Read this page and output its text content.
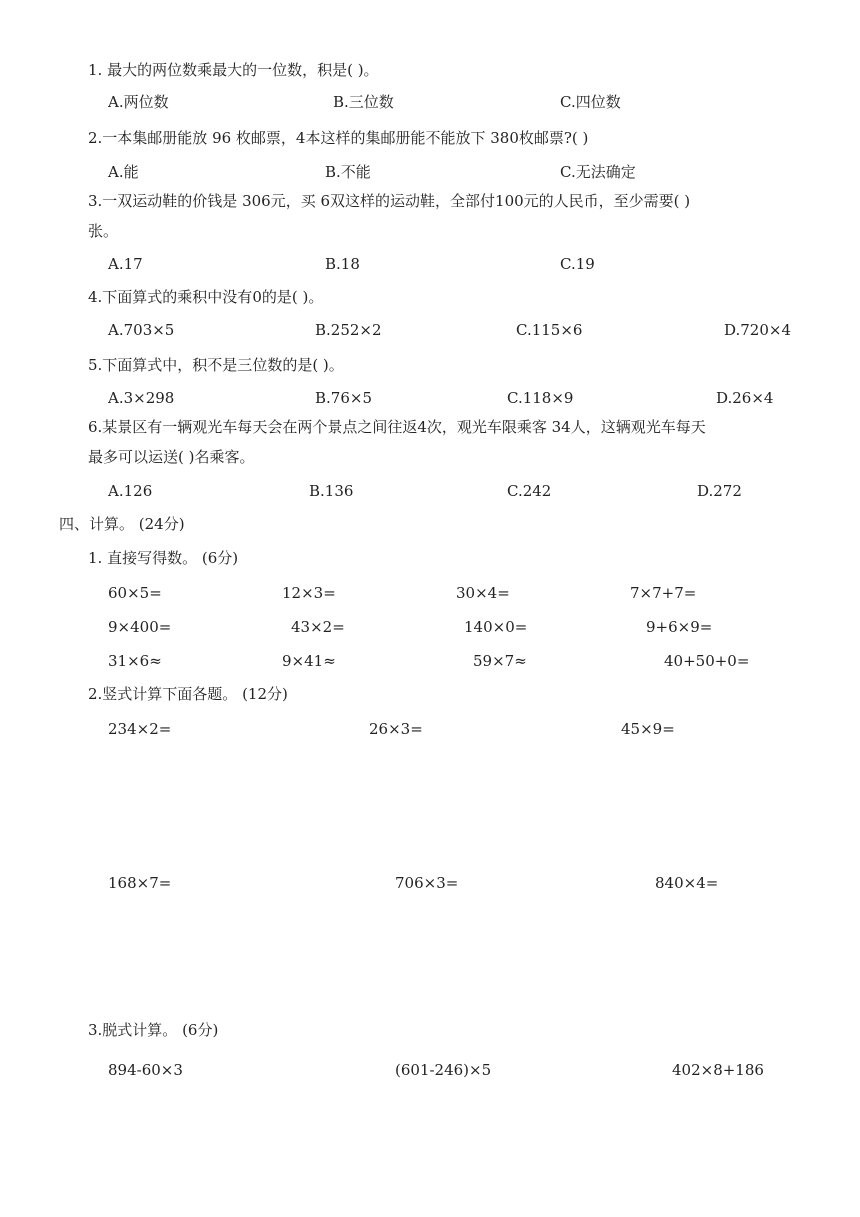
1. 最大的两位数乘最大的一位数，积是( )。
A.两位数	B.三位数	C.四位数
2.一本集邮册能放 96 枚邮票，4本这样的集邮册能不能放下 380枚邮票?( )
A.能	B.不能	C.无法确定
3.一双运动鞋的价钱是 306元，买 6双这样的运动鞋，全部付100元的人民币，至少需要( )
张。
A.17	B.18	C.19
4.下面算式的乘积中没有0的是( )。
A.703×5	B.252×2	C.115×6	D.720×4
5.下面算式中，积不是三位数的是( )。
A.3×298	B.76×5	C.118×9	D.26×4
6.某景区有一辆观光车每天会在两个景点之间往返4次，观光车限乘客 34人，这辆观光车每天
最多可以运送( )名乘客。
A.126	B.136	C.242	D.272
四、计算。 (24分)
1. 直接写得数。 (6分)
60×5=	12×3=	30×4=	7×7+7=
9×400=	43×2=	140×0=	9+6×9=
31×6≈	9×41≈	59×7≈	40+50+0=
2.竖式计算下面各题。 (12分)
234×2=	26×3=	45×9=
168×7=	706×3=	840×4=
3.脱式计算。 (6分)
894-60×3	(601-246)×5	402×8+186
